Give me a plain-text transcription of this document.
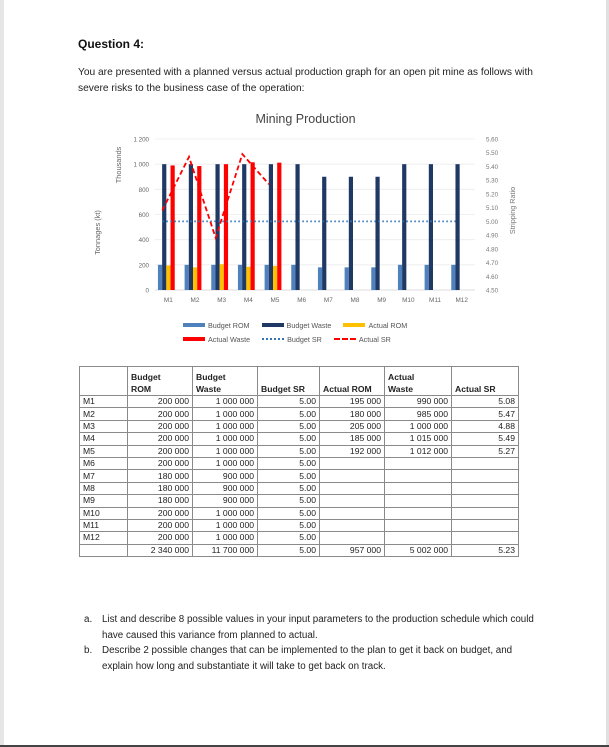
Question 4:
You are presented with a planned versus actual production graph for an open pit mine as follows with severe risks to the business case of the operation:
Mining Production
0
200
400
600
800
1 000
1 200
4.50
4.60
4.70
4.80
4.90
5.00
5.10
5.20
5.30
5.40
5.50
5.60
Tonnages (kt)
Thousands
Stripping Ratio
M1	M2	M3	M4	M5	M6	M7	M8	M9	M10 M11 M12
Budget ROM	Budget Waste	Actual ROM
Actual Waste	Budget SR	Actual SR

Budget
ROM

Budget
Waste	Budget SR	Actual ROM

Actual
Waste	Actual SR

M1	200 000	1 000 000	5.00	195 000	990 000	5.08
M2	200 000	1 000 000	5.00	180 000	985 000	5.47
M3	200 000	1 000 000	5.00	205 000	1 000 000	4.88
M4	200 000	1 000 000	5.00	185 000	1 015 000	5.49
M5	200 000	1 000 000	5.00	192 000	1 012 000	5.27
M6	200 000	1 000 000	5.00			
M7	180 000	900 000	5.00			
M8	180 000	900 000	5.00			
M9	180 000	900 000	5.00			
M10	200 000	1 000 000	5.00			
M11	200 000	1 000 000	5.00			
M12	200 000	1 000 000	5.00			
	2 340 000	11 700 000	5.00	957 000	5 002 000	5.23
a.	List and describe 8 possible values in your input parameters to the production schedule which could have caused this variance from planned to actual.
b.	Describe 2 possible changes that can be implemented to the plan to get it back on budget, and explain how long and substantiate it will take to get back on track.
